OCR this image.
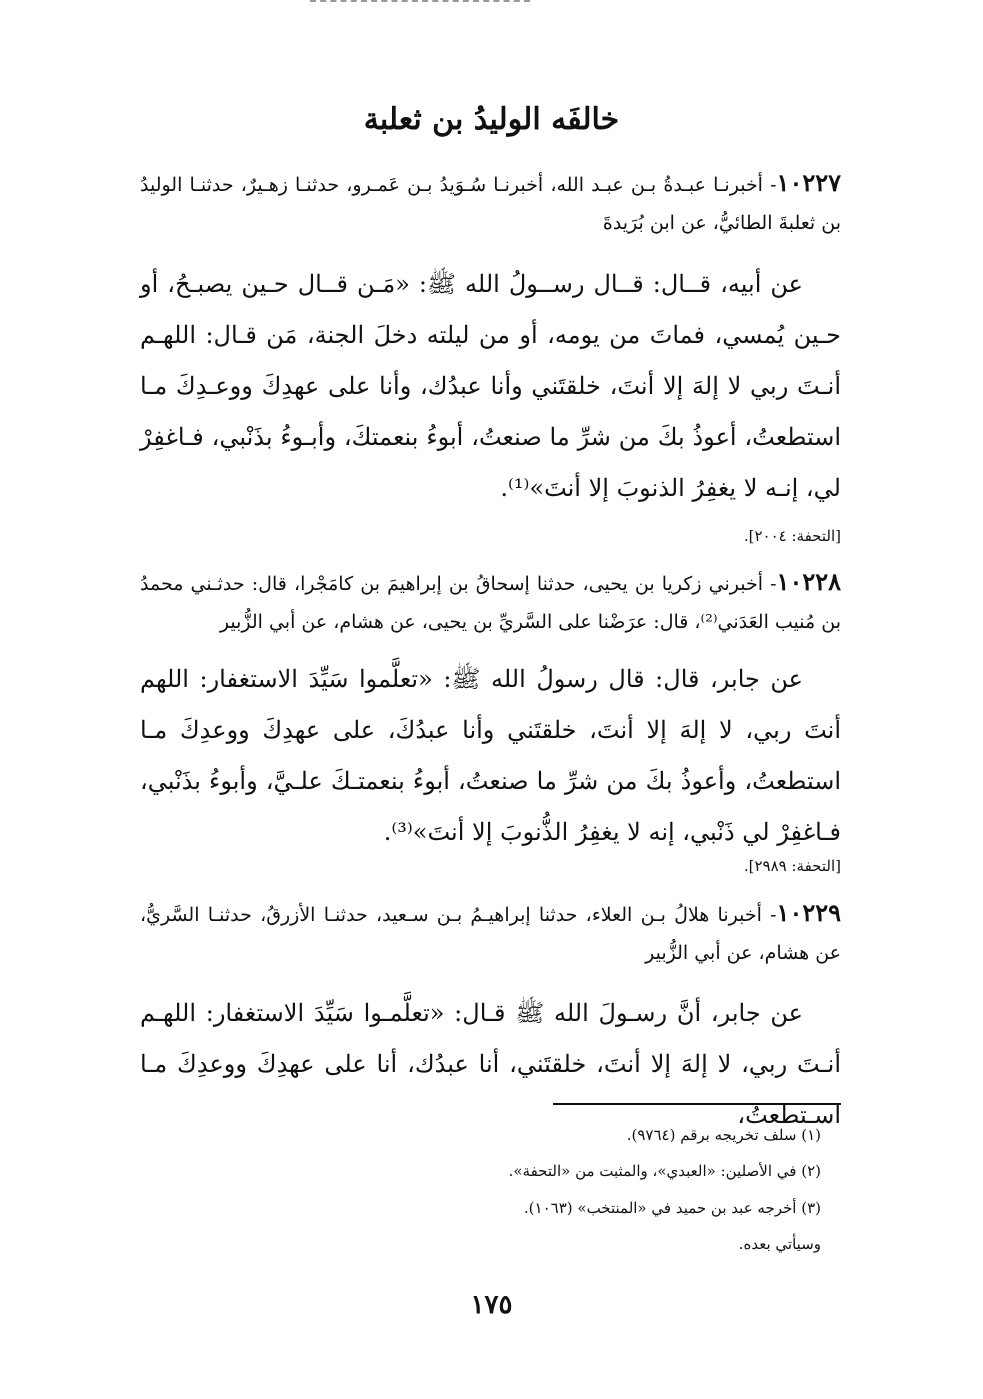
خالفَه الوليدُ بن ثعلبة
١٠٢٢٧- أخبرنـا عبـدةُ بـن عبـد الله، أخبرنـا سُـوَيدُ بـن عَمـرو، حدثنـا زهـيرٌ، حدثنـا الوليدُ بن ثعلبةَ الطائيُّ، عن ابن بُرَيدةَ
عن أبيه، قــال: قــال رســولُ الله ﷺ: «مَـن قــال حـين يصبـحُ، أو حـين يُمسي، فماتَ من يومه، أو من ليلته دخلَ الجنة، مَن قـال: اللهـم أنـتَ ربي لا إلهَ إلا أنتَ، خلقتَني وأنا عبدُك، وأنا على عهدِكَ ووعـدِكَ مـا استطعتُ، أعوذُ بكَ من شرِّ ما صنعتُ، أبوءُ بنعمتكَ، وأبـوءُ بذَنْبي، فـاغفِرْ لي، إنـه لا يغفِرُ الذنوبَ إلا أنتَ»⁽¹⁾.
[التحفة: ٢٠٠٤].
١٠٢٢٨- أخبرني زكريا بن يحيى، حدثنا إسحاقُ بن إبراهيمَ بن كامَجْرا، قال: حدثـني محمدُ بن مُنيب العَدَني⁽²⁾، قال: عرَضْنا على السَّريِّ بن يحيى، عن هشام، عن أبي الزُّبير
عن جابر، قال: قال رسولُ الله ﷺ: «تعلَّموا سَيِّدَ الاستغفار: اللهم أنتَ ربي، لا إلهَ إلا أنتَ، خلقتَني وأنا عبدُكَ، على عهدِكَ ووعدِكَ مـا استطعتُ، وأعوذُ بكَ من شرِّ ما صنعتُ، أبوءُ بنعمتـكَ علـيَّ، وأبوءُ بذَنْبي، فـاغفِرْ لي ذَنْبي، إنه لا يغفِرُ الذُّنوبَ إلا أنتَ»⁽³⁾.
[التحفة: ٢٩٨٩].
١٠٢٢٩- أخبرنا هلالُ بـن العلاء، حدثنا إبراهيـمُ بـن سـعيد، حدثنـا الأزرقُ، حدثنـا السَّريُّ، عن هشام، عن أبي الزُّبير
عن جابر، أنَّ رسـولَ الله ﷺ قـال: «تعلَّمـوا سَيِّدَ الاستغفار: اللهـم أنـتَ ربي، لا إلهَ إلا أنتَ، خلقتَني، أنا عبدُك، أنا على عهدِكَ ووعدِكَ مـا اسـتطعتُ،
(١) سلف تخريجه برقم (٩٧٦٤).
(٢) في الأصلين: «العبدي»، والمثبت من «التحفة».
(٣) أخرجه عبد بن حميد في «المنتخب» (١٠٦٣).
وسيأتي بعده.
١٧٥
